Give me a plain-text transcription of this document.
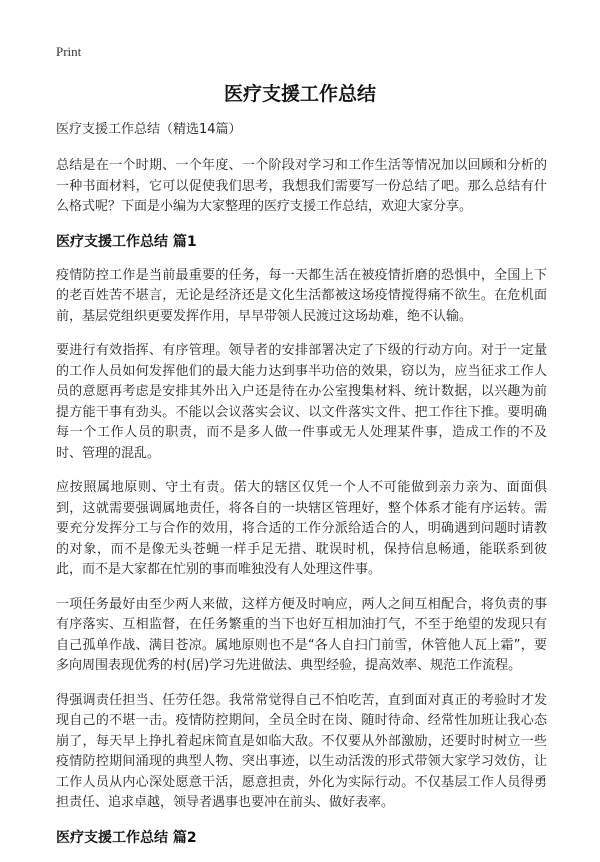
Print
医疗支援工作总结

医疗支援工作总结（精选14篇）

总结是在一个时期、一个年度、一个阶段对学习和工作生活等情况加以回顾和分析的一种书面材料，它可以促使我们思考，我想我们需要写一份总结了吧。那么总结有什么格式呢？下面是小编为大家整理的医疗支援工作总结，欢迎大家分享。

医疗支援工作总结 篇1

疫情防控工作是当前最重要的任务，每一天都生活在被疫情折磨的恐惧中，全国上下的老百姓苦不堪言，无论是经济还是文化生活都被这场疫情搅得痛不欲生。在危机面前，基层党组织更要发挥作用，早早带领人民渡过这场劫难，绝不认输。

要进行有效指挥、有序管理。领导者的安排部署决定了下级的行动方向。对于一定量的工作人员如何发挥他们的最大能力达到事半功倍的效果，窃以为，应当征求工作人员的意愿再考虑是安排其外出入户还是待在办公室搜集材料、统计数据，以兴趣为前提方能干事有劲头。不能以会议落实会议、以文件落实文件、把工作往下推。要明确每一个工作人员的职责，而不是多人做一件事或无人处理某件事，造成工作的不及时、管理的混乱。

应按照属地原则、守土有责。偌大的辖区仅凭一个人不可能做到亲力亲为、面面俱到，这就需要强调属地责任，将各自的一块辖区管理好，整个体系才能有序运转。需要充分发挥分工与合作的效用，将合适的工作分派给适合的人，明确遇到问题时请教的对象，而不是像无头苍蝇一样手足无措、耽误时机，保持信息畅通，能联系到彼此，而不是大家都在忙别的事而唯独没有人处理这件事。

一项任务最好由至少两人来做，这样方便及时响应，两人之间互相配合，将负责的事有序落实、互相监督，在任务繁重的当下也好互相加油打气，不至于绝望的发现只有自己孤单作战、满目苍凉。属地原则也不是“各人自扫门前雪，休管他人瓦上霜”，要多向周围表现优秀的村(居)学习先进做法、典型经验，提高效率、规范工作流程。

得强调责任担当、任劳任怨。我常常觉得自己不怕吃苦，直到面对真正的考验时才发现自己的不堪一击。疫情防控期间，全员全时在岗、随时待命、经常性加班让我心态崩了，每天早上挣扎着起床简直是如临大敌。不仅要从外部激励，还要时时树立一些疫情防控期间涌现的典型人物、突出事迹，以生动活泼的形式带领大家学习效仿，让工作人员从内心深处愿意干活，愿意担责，外化为实际行动。不仅基层工作人员得勇担责任、追求卓越，领导者遇事也要冲在前头、做好表率。

医疗支援工作总结 篇2
